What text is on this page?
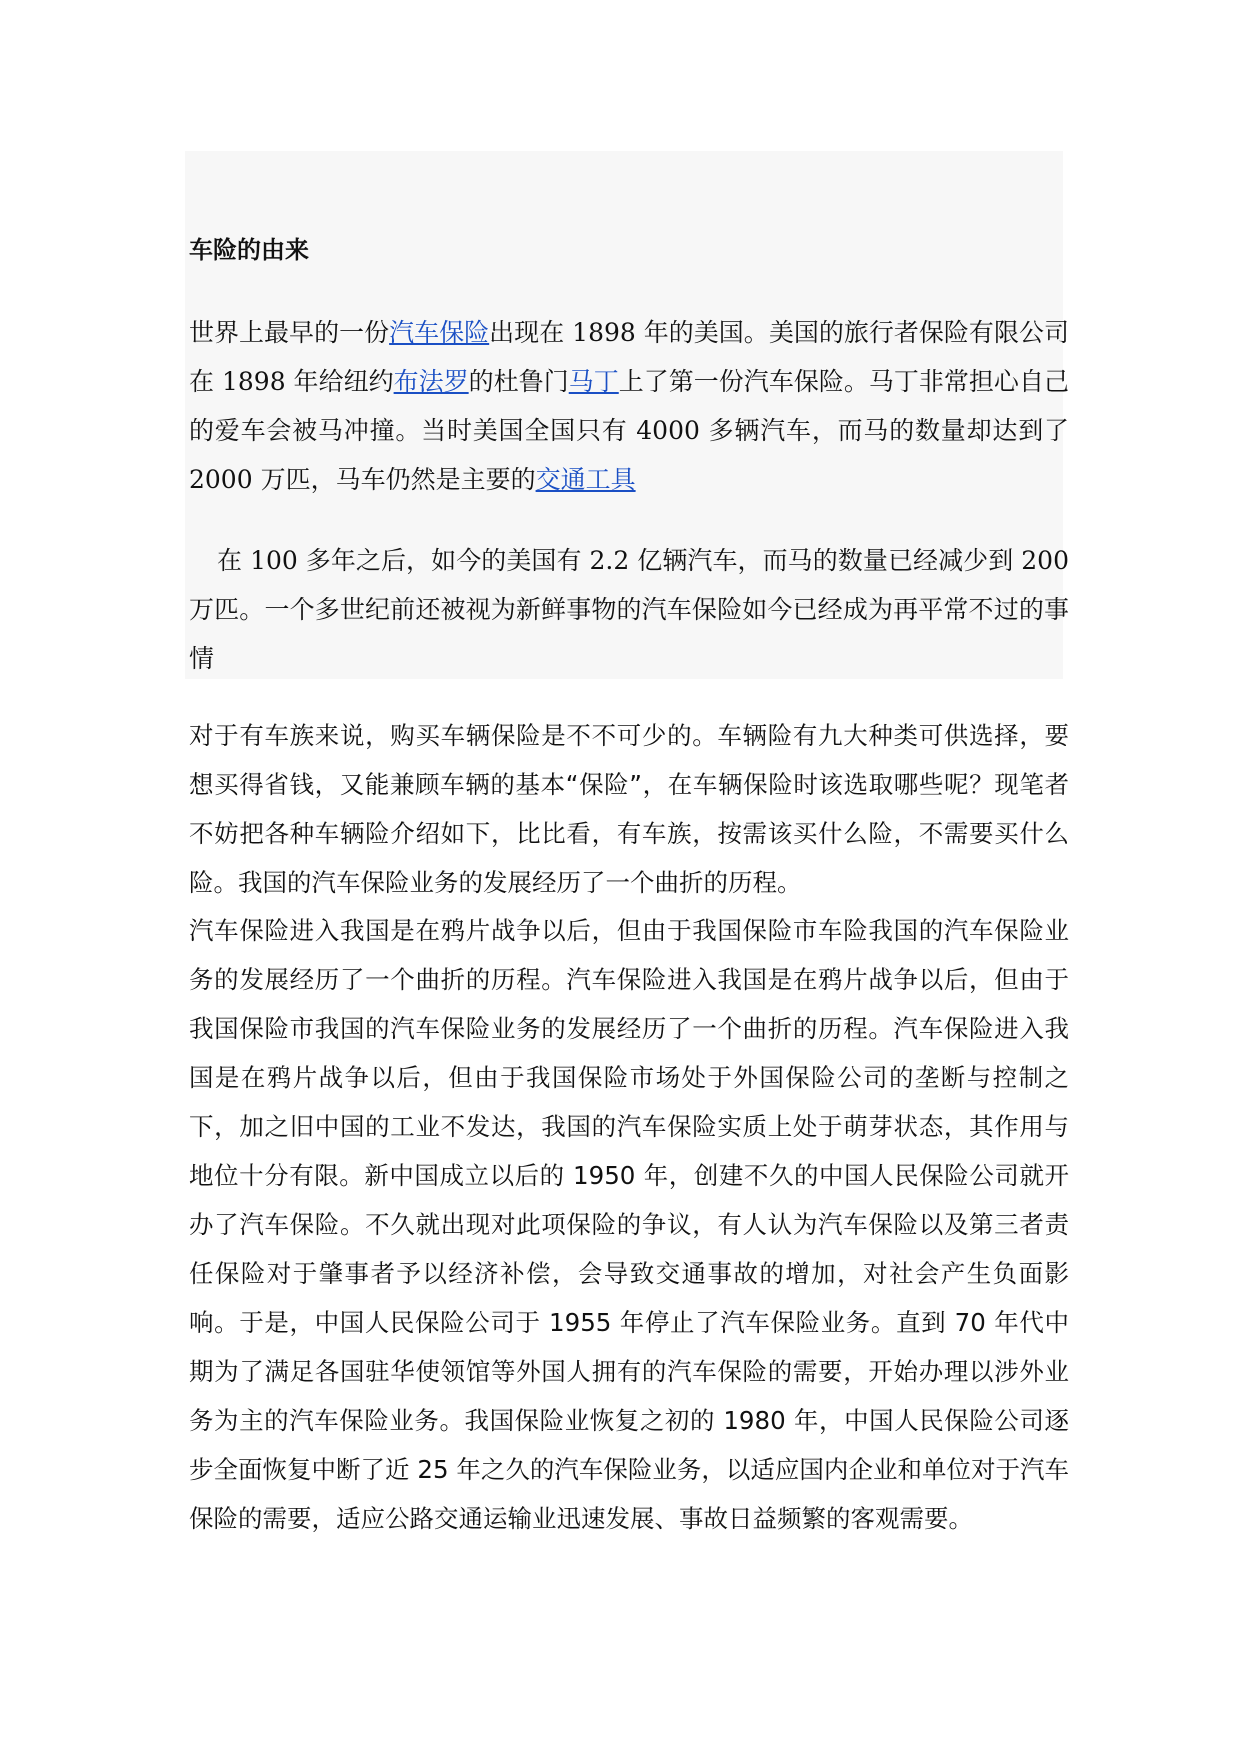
车险的由来

世界上最早的一份汽车保险出现在 1898 年的美国。美国的旅行者保险有限公司在 1898 年给纽约布法罗的杜鲁门马丁上了第一份汽车保险。马丁非常担心自己的爱车会被马冲撞。当时美国全国只有 4000 多辆汽车，而马的数量却达到了 2000 万匹，马车仍然是主要的交通工具

在 100 多年之后，如今的美国有 2.2 亿辆汽车，而马的数量已经减少到 200 万匹。一个多世纪前还被视为新鲜事物的汽车保险如今已经成为再平常不过的事情

对于有车族来说，购买车辆保险是不不可少的。车辆险有九大种类可供选择，要想买得省钱，又能兼顾车辆的基本“保险”，在车辆保险时该选取哪些呢？现笔者不妨把各种车辆险介绍如下，比比看，有车族，按需该买什么险，不需要买什么险。我国的汽车保险业务的发展经历了一个曲折的历程。

汽车保险进入我国是在鸦片战争以后，但由于我国保险市车险我国的汽车保险业务的发展经历了一个曲折的历程。汽车保险进入我国是在鸦片战争以后，但由于我国保险市我国的汽车保险业务的发展经历了一个曲折的历程。汽车保险进入我国是在鸦片战争以后，但由于我国保险市场处于外国保险公司的垄断与控制之下，加之旧中国的工业不发达，我国的汽车保险实质上处于萌芽状态，其作用与地位十分有限。新中国成立以后的 1950 年，创建不久的中国人民保险公司就开办了汽车保险。不久就出现对此项保险的争议，有人认为汽车保险以及第三者责任保险对于肇事者予以经济补偿，会导致交通事故的增加，对社会产生负面影响。于是，中国人民保险公司于 1955 年停止了汽车保险业务。直到 70 年代中期为了满足各国驻华使领馆等外国人拥有的汽车保险的需要，开始办理以涉外业务为主的汽车保险业务。我国保险业恢复之初的 1980 年，中国人民保险公司逐步全面恢复中断了近 25 年之久的汽车保险业务，以适应国内企业和单位对于汽车保险的需要，适应公路交通运输业迅速发展、事故日益频繁的客观需要。
